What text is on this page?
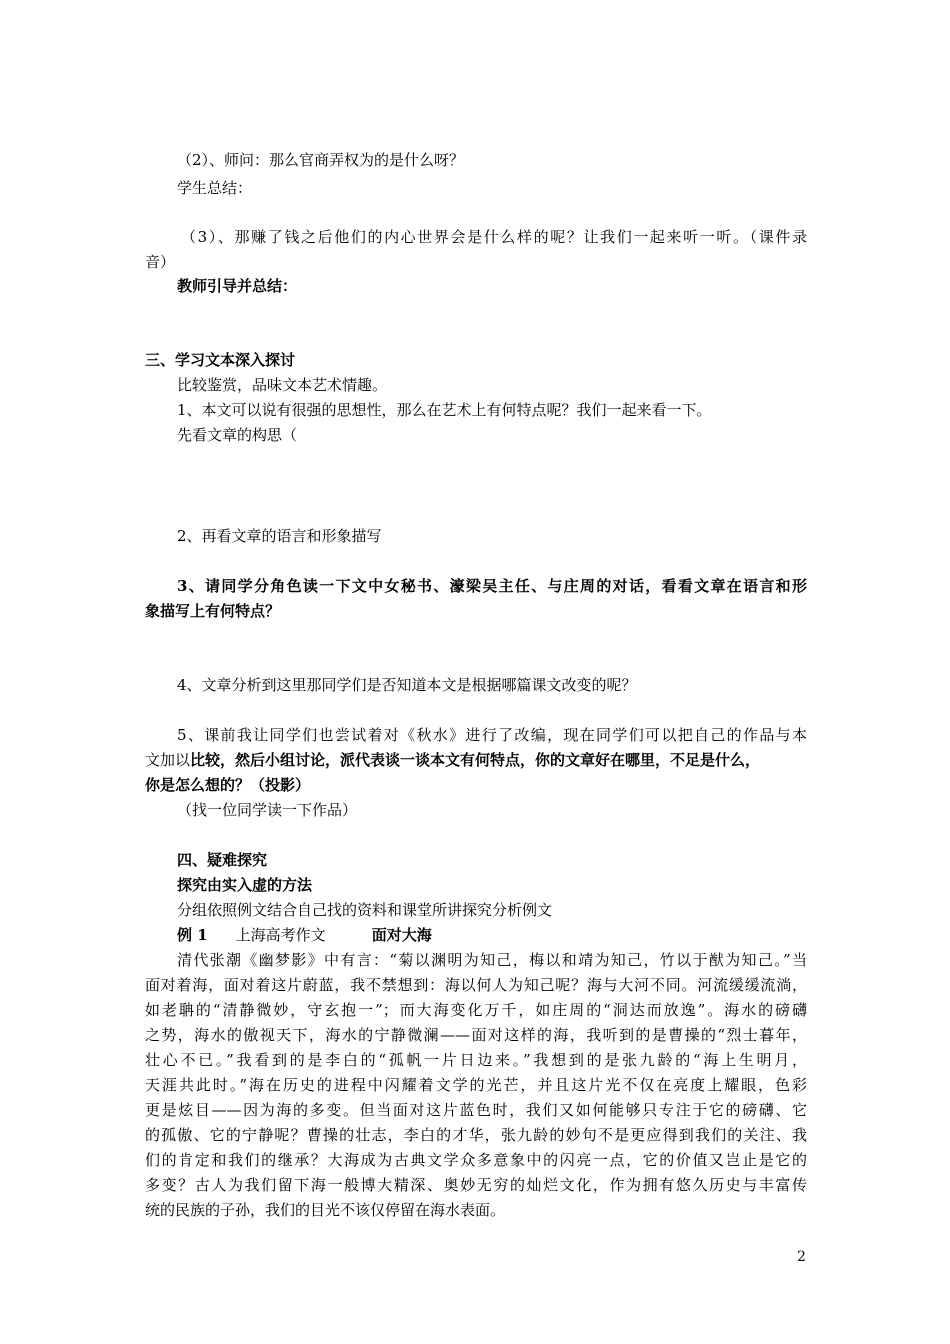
（2）、师问：那么官商弄权为的是什么呀？
学生总结：
（3）、那赚了钱之后他们的内心世界会是什么样的呢？让我们一起来听一听。（课件录
音）
教师引导并总结：
三、学习文本深入探讨
比较鉴赏，品味文本艺术情趣。
1、本文可以说有很强的思想性，那么在艺术上有何特点呢？我们一起来看一下。
先看文章的构思（
2、再看文章的语言和形象描写
3、请同学分角色读一下文中女秘书、濠梁吴主任、与庄周的对话，看看文章在语言和形
象描写上有何特点？
4、文章分析到这里那同学们是否知道本文是根据哪篇课文改变的呢？
5、课前我让同学们也尝试着对《秋水》进行了改编，现在同学们可以把自己的作品与本
文加以比较，然后小组讨论，派代表谈一谈本文有何特点，你的文章好在哪里，不足是什么，
你是怎么想的？（投影）
（找一位同学读一下作品）
四、疑难探究
探究由实入虚的方法
分组依照例文结合自己找的资料和课堂所讲探究分析例文
例 1 上海高考作文	面对大海
清代张潮《幽梦影》中有言：“菊以渊明为知己，梅以和靖为知己，竹以于猷为知己。”当
面对着海，面对着这片蔚蓝，我不禁想到：海以何人为知己呢？海与大河不同。河流缓缓流淌，
如老聃的“清静微妙，守玄抱一”；而大海变化万千，如庄周的“洞达而放逸”。海水的磅礴
之势，海水的傲视天下，海水的宁静微澜——面对这样的海，我听到的是曹操的“烈士暮年，
壮心不已。”我看到的是李白的“孤帆一片日边来。”我想到的是张九龄的“海上生明月，
天涯共此时。”海在历史的进程中闪耀着文学的光芒，并且这片光不仅在亮度上耀眼，色彩
更是炫目——因为海的多变。但当面对这片蓝色时，我们又如何能够只专注于它的磅礴、它
的孤傲、它的宁静呢？曹操的壮志，李白的才华，张九龄的妙句不是更应得到我们的关注、我
们的肯定和我们的继承？大海成为古典文学众多意象中的闪亮一点，它的价值又岂止是它的
多变？古人为我们留下海一般博大精深、奥妙无穷的灿烂文化，作为拥有悠久历史与丰富传
统的民族的子孙，我们的目光不该仅停留在海水表面。
2
